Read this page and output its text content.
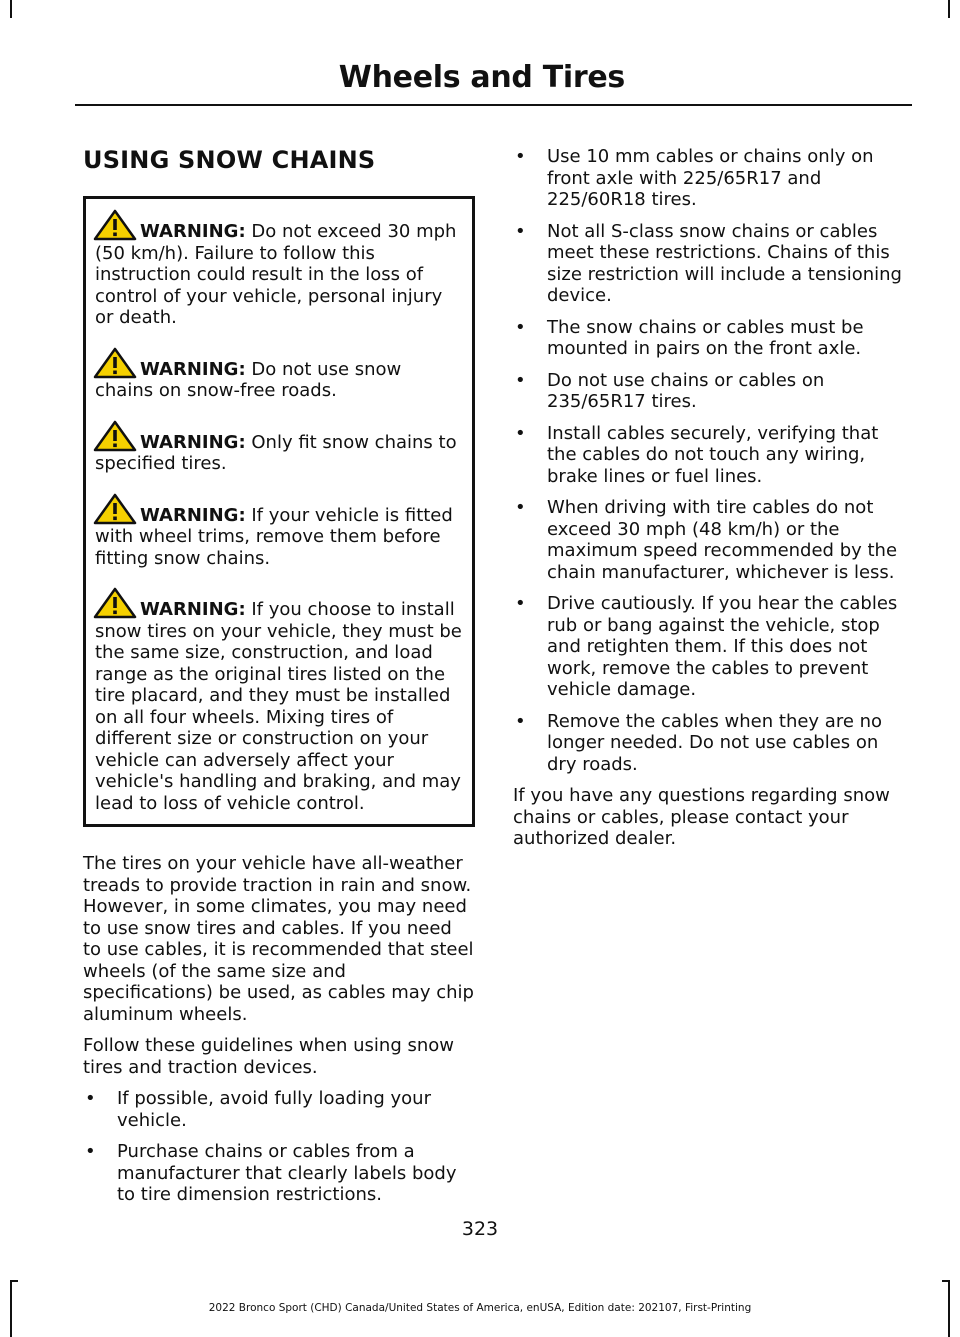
Wheels and Tires
USING SNOW CHAINS

WARNING: Do not exceed 30 mph (50 km/h). Failure to follow this instruction could result in the loss of control of your vehicle, personal injury or death.

WARNING: Do not use snow chains on snow-free roads.

WARNING: Only fit snow chains to specified tires.

WARNING: If your vehicle is fitted with wheel trims, remove them before fitting snow chains.

WARNING: If you choose to install snow tires on your vehicle, they must be the same size, construction, and load range as the original tires listed on the tire placard, and they must be installed on all four wheels. Mixing tires of different size or construction on your vehicle can adversely affect your vehicle's handling and braking, and may lead to loss of vehicle control.

The tires on your vehicle have all-weather treads to provide traction in rain and snow. However, in some climates, you may need to use snow tires and cables. If you need to use cables, it is recommended that steel wheels (of the same size and specifications) be used, as cables may chip aluminum wheels.

Follow these guidelines when using snow tires and traction devices.

• If possible, avoid fully loading your vehicle.
• Purchase chains or cables from a manufacturer that clearly labels body to tire dimension restrictions.
• Use 10 mm cables or chains only on front axle with 225/65R17 and 225/60R18 tires.
• Not all S-class snow chains or cables meet these restrictions. Chains of this size restriction will include a tensioning device.
• The snow chains or cables must be mounted in pairs on the front axle.
• Do not use chains or cables on 235/65R17 tires.
• Install cables securely, verifying that the cables do not touch any wiring, brake lines or fuel lines.
• When driving with tire cables do not exceed 30 mph (48 km/h) or the maximum speed recommended by the chain manufacturer, whichever is less.
• Drive cautiously. If you hear the cables rub or bang against the vehicle, stop and retighten them. If this does not work, remove the cables to prevent vehicle damage.
• Remove the cables when they are no longer needed. Do not use cables on dry roads.

If you have any questions regarding snow chains or cables, please contact your authorized dealer.

323
2022 Bronco Sport (CHD) Canada/United States of America, enUSA, Edition date: 202107, First-Printing
